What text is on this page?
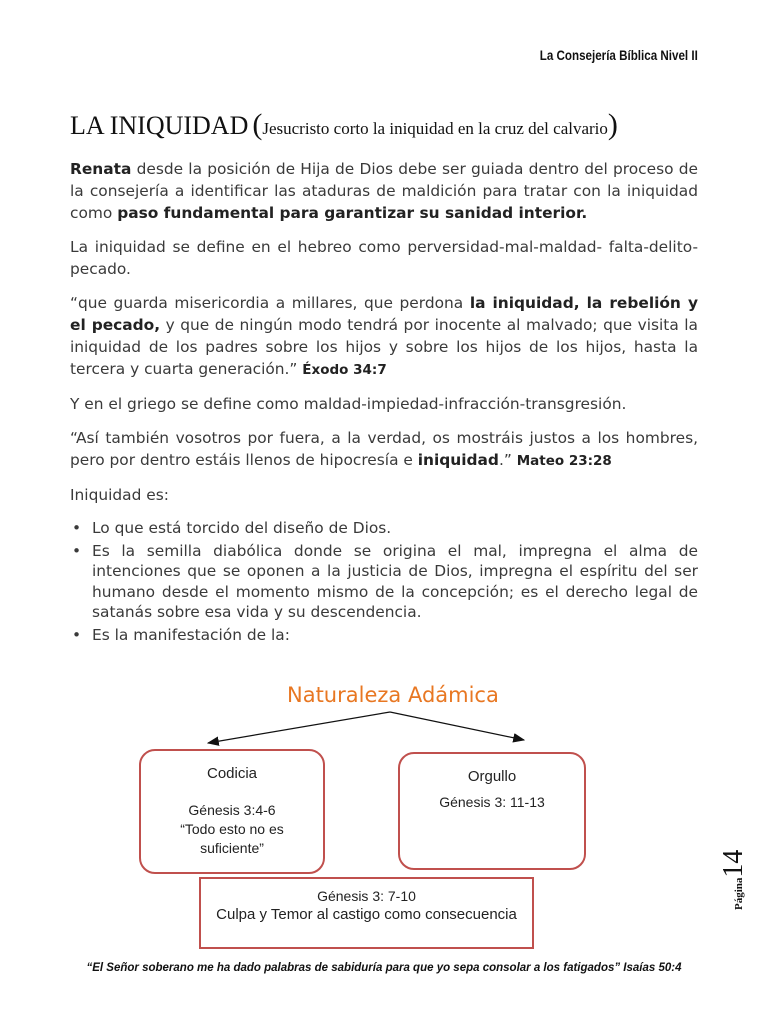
La Consejería Bíblica Nivel II
LA INIQUIDAD (Jesucristo corto la iniquidad en la cruz del calvario)

Renata desde la posición de Hija de Dios debe ser guiada dentro del proceso de la consejería a identificar las ataduras de maldición para tratar con la iniquidad como paso fundamental para garantizar su sanidad interior.

La iniquidad se define en el hebreo como perversidad-mal-maldad- falta-delito-pecado.

“que guarda misericordia a millares, que perdona la iniquidad, la rebelión y el pecado, y que de ningún modo tendrá por inocente al malvado; que visita la iniquidad de los padres sobre los hijos y sobre los hijos de los hijos, hasta la tercera y cuarta generación.” Éxodo 34:7

Y en el griego se define como maldad-impiedad-infracción-transgresión.

“Así también vosotros por fuera, a la verdad, os mostráis justos a los hombres, pero por dentro estáis llenos de hipocresía e iniquidad.” Mateo 23:28

Iniquidad es:

• Lo que está torcido del diseño de Dios.
• Es la semilla diabólica donde se origina el mal, impregna el alma de intenciones que se oponen a la justicia de Dios, impregna el espíritu del ser humano desde el momento mismo de la concepción; es el derecho legal de satanás sobre esa vida y su descendencia.
• Es la manifestación de la:
Naturaleza Adámica
Codicia
Génesis 3:4-6
“Todo esto no es
suficiente”
Orgullo
Génesis 3: 11-13
Génesis 3: 7-10
Culpa y Temor al castigo como consecuencia
“El Señor soberano me ha dado palabras de sabiduría para que yo sepa consolar a los fatigados” Isaías 50:4
Página14
